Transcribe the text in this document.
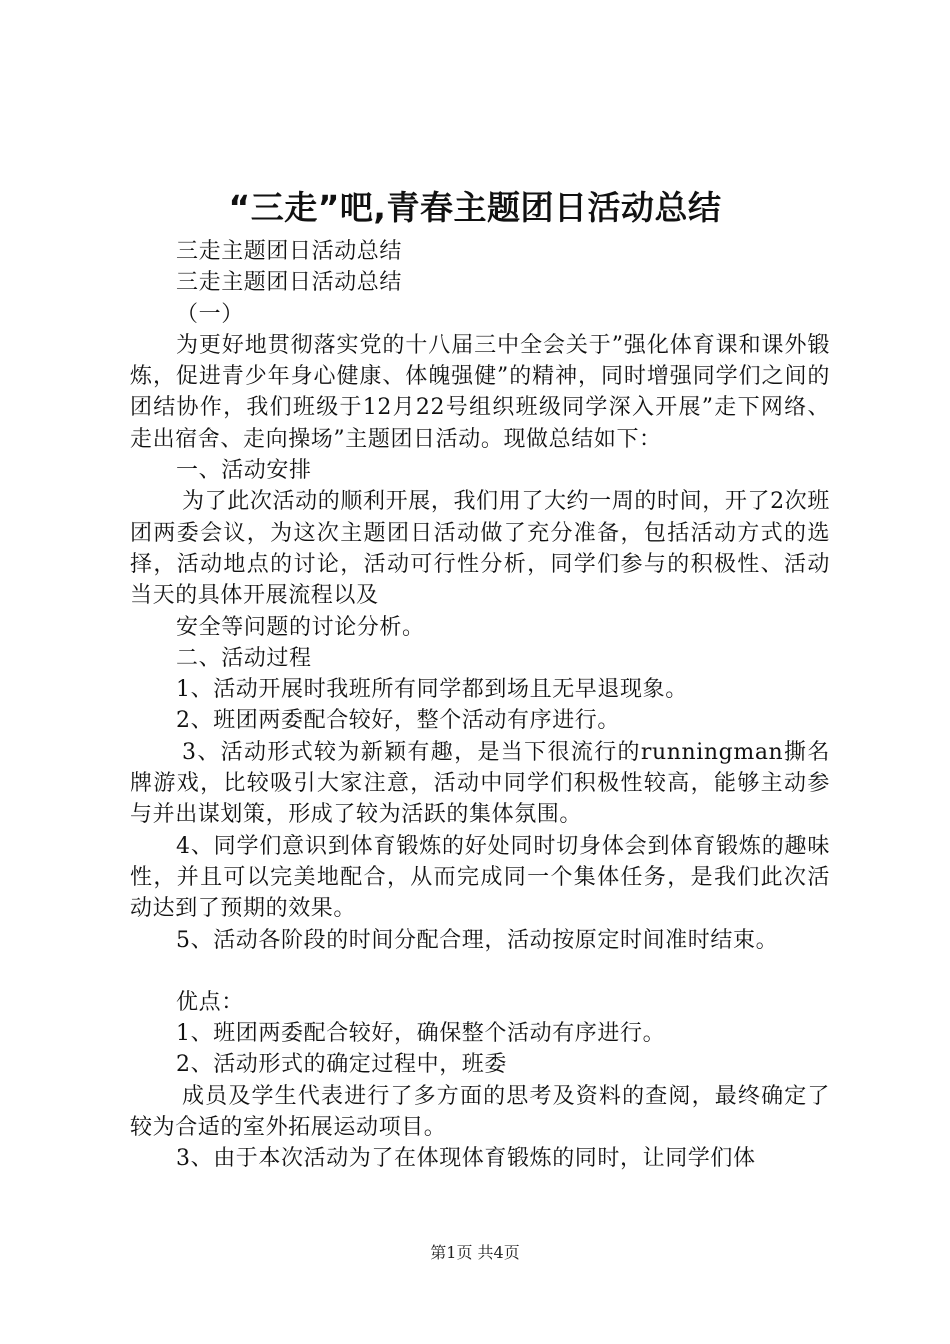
“三走”吧,青春主题团日活动总结

三走主题团日活动总结

三走主题团日活动总结

（一）

为更好地贯彻落实党的十八届三中全会关于”强化体育课和课外锻炼，促进青少年身心健康、体魄强健”的精神，同时增强同学们之间的团结协作，我们班级于12月22号组织班级同学深入开展”走下网络、走出宿舍、走向操场”主题团日活动。现做总结如下：

一、活动安排

为了此次活动的顺利开展，我们用了大约一周的时间，开了2次班团两委会议，为这次主题团日活动做了充分准备，包括活动方式的选择，活动地点的讨论，活动可行性分析，同学们参与的积极性、活动当天的具体开展流程以及

安全等问题的讨论分析。

二、活动过程

1、活动开展时我班所有同学都到场且无早退现象。

2、班团两委配合较好，整个活动有序进行。

3、活动形式较为新颖有趣，是当下很流行的runningman撕名牌游戏，比较吸引大家注意，活动中同学们积极性较高，能够主动参与并出谋划策，形成了较为活跃的集体氛围。

4、同学们意识到体育锻炼的好处同时切身体会到体育锻炼的趣味性，并且可以完美地配合，从而完成同一个集体任务，是我们此次活动达到了预期的效果。

5、活动各阶段的时间分配合理，活动按原定时间准时结束。

优点：

1、班团两委配合较好，确保整个活动有序进行。

2、活动形式的确定过程中，班委

成员及学生代表进行了多方面的思考及资料的查阅，最终确定了较为合适的室外拓展运动项目。

3、由于本次活动为了在体现体育锻炼的同时，让同学们体

第1页 共4页
